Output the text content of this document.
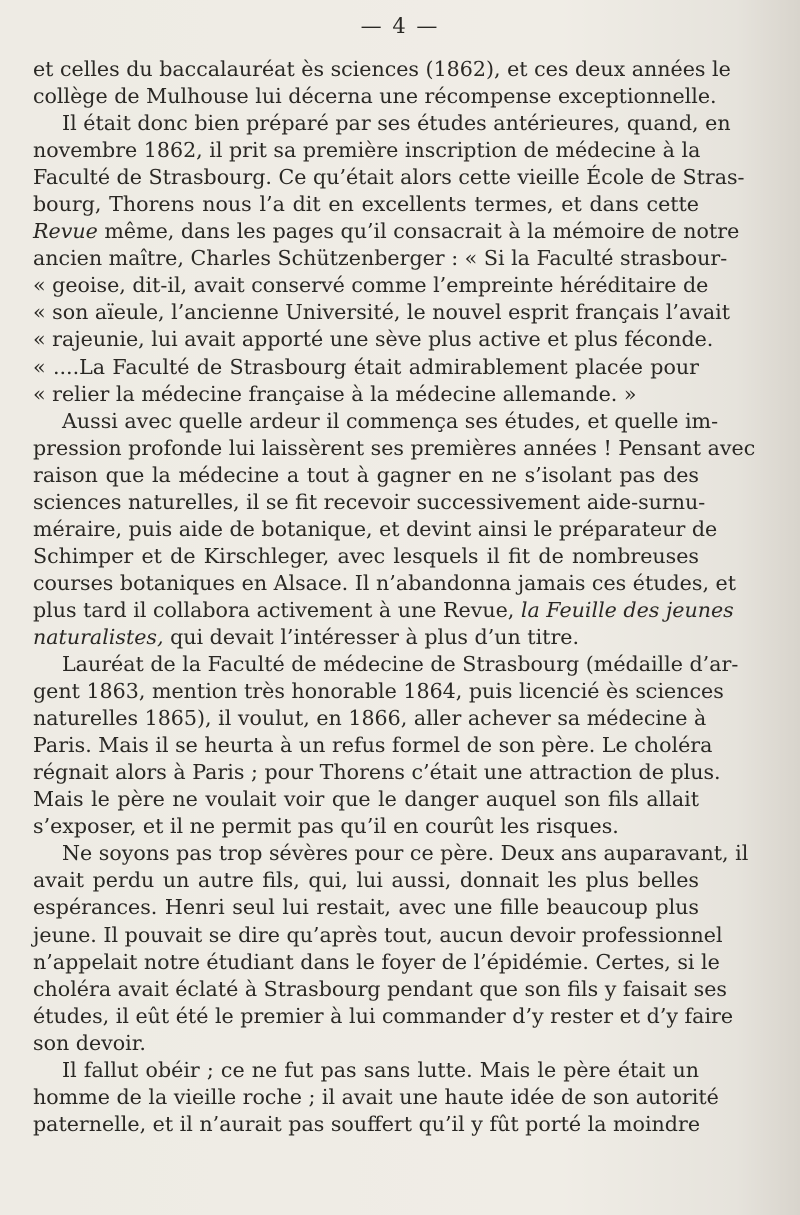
— 4 —
et celles du baccalauréat ès sciences (1862), et ces deux années le
collège de Mulhouse lui décerna une récompense exceptionnelle.
Il était donc bien préparé par ses études antérieures, quand, en
novembre 1862, il prit sa première inscription de médecine à la
Faculté de Strasbourg. Ce qu’était alors cette vieille École de Stras-
bourg, Thorens nous l’a dit en excellents termes, et dans cette
Revue même, dans les pages qu’il consacrait à la mémoire de notre
ancien maître, Charles Schützenberger : « Si la Faculté strasbour-
« geoise, dit-il, avait conservé comme l’empreinte héréditaire de
« son aïeule, l’ancienne Université, le nouvel esprit français l’avait
« rajeunie, lui avait apporté une sève plus active et plus féconde.
« ....La Faculté de Strasbourg était admirablement placée pour
« relier la médecine française à la médecine allemande. »
Aussi avec quelle ardeur il commença ses études, et quelle im-
pression profonde lui laissèrent ses premières années ! Pensant avec
raison que la médecine a tout à gagner en ne s’isolant pas des
sciences naturelles, il se fit recevoir successivement aide-surnu-
méraire, puis aide de botanique, et devint ainsi le préparateur de
Schimper et de Kirschleger, avec lesquels il fit de nombreuses
courses botaniques en Alsace. Il n’abandonna jamais ces études, et
plus tard il collabora activement à une Revue, la Feuille des jeunes
naturalistes, qui devait l’intéresser à plus d’un titre.
Lauréat de la Faculté de médecine de Strasbourg (médaille d’ar-
gent 1863, mention très honorable 1864, puis licencié ès sciences
naturelles 1865), il voulut, en 1866, aller achever sa médecine à
Paris. Mais il se heurta à un refus formel de son père. Le choléra
régnait alors à Paris ; pour Thorens c’était une attraction de plus.
Mais le père ne voulait voir que le danger auquel son fils allait
s’exposer, et il ne permit pas qu’il en courût les risques.
Ne soyons pas trop sévères pour ce père. Deux ans auparavant, il
avait perdu un autre fils, qui, lui aussi, donnait les plus belles
espérances. Henri seul lui restait, avec une fille beaucoup plus
jeune. Il pouvait se dire qu’après tout, aucun devoir professionnel
n’appelait notre étudiant dans le foyer de l’épidémie. Certes, si le
choléra avait éclaté à Strasbourg pendant que son fils y faisait ses
études, il eût été le premier à lui commander d’y rester et d’y faire
son devoir.
Il fallut obéir ; ce ne fut pas sans lutte. Mais le père était un
homme de la vieille roche ; il avait une haute idée de son autorité
paternelle, et il n’aurait pas souffert qu’il y fût porté la moindre
